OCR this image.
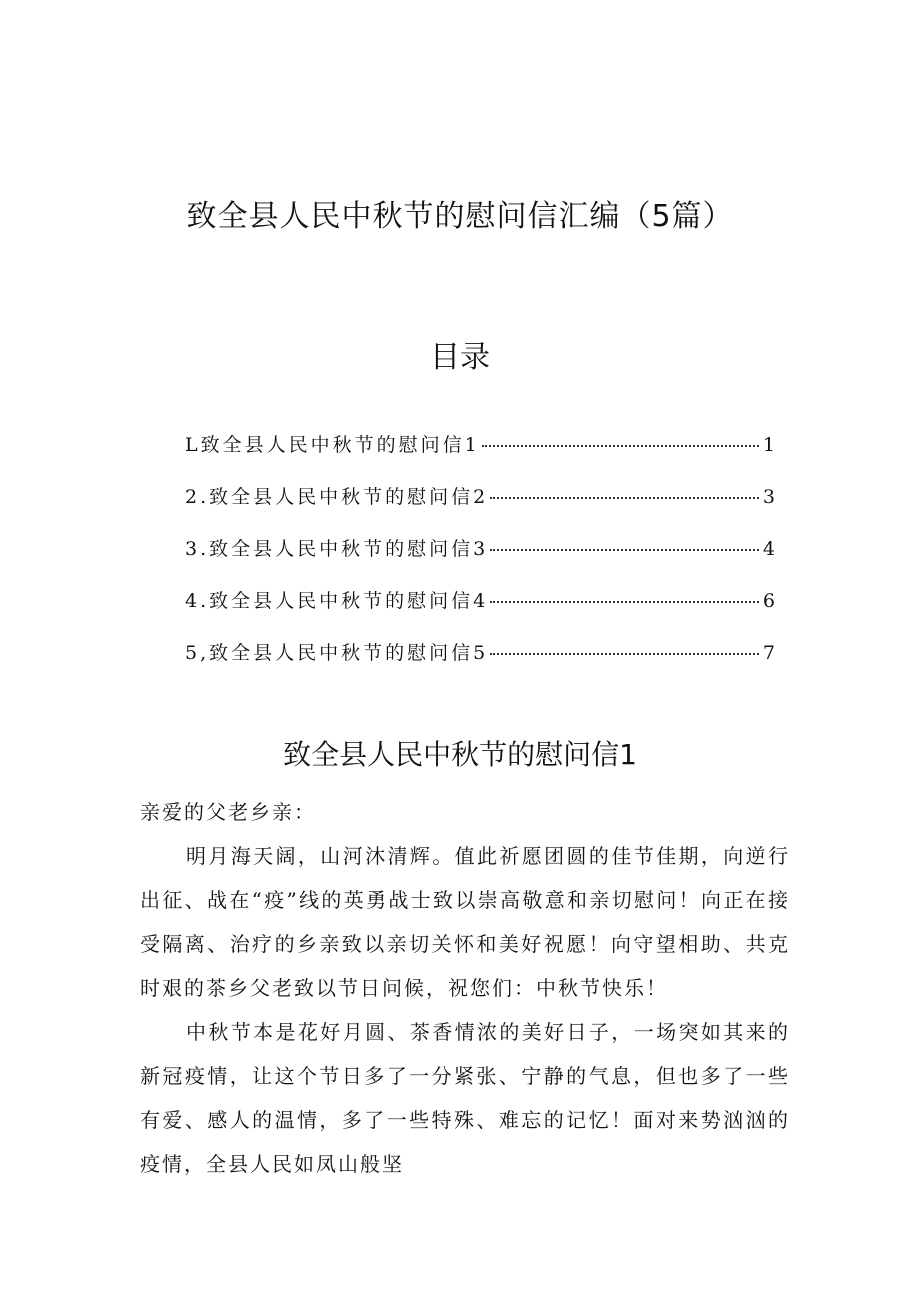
致全县人民中秋节的慰问信汇编（5篇）
目录
L致全县人民中秋节的慰问信1	1
2.致全县人民中秋节的慰问信2	3
3.致全县人民中秋节的慰问信3	4
4.致全县人民中秋节的慰问信4	6
5,致全县人民中秋节的慰问信5	7
致全县人民中秋节的慰问信1

亲爱的父老乡亲：

明月海天阔，山河沐清辉。值此祈愿团圆的佳节佳期，向逆行出征、战在“疫”线的英勇战士致以崇高敬意和亲切慰问！向正在接受隔离、治疗的乡亲致以亲切关怀和美好祝愿！向守望相助、共克时艰的茶乡父老致以节日问候，祝您们：中秋节快乐！

中秋节本是花好月圆、茶香情浓的美好日子，一场突如其来的新冠疫情，让这个节日多了一分紧张、宁静的气息，但也多了一些有爱、感人的温情，多了一些特殊、难忘的记忆！面对来势汹汹的疫情，全县人民如凤山般坚
